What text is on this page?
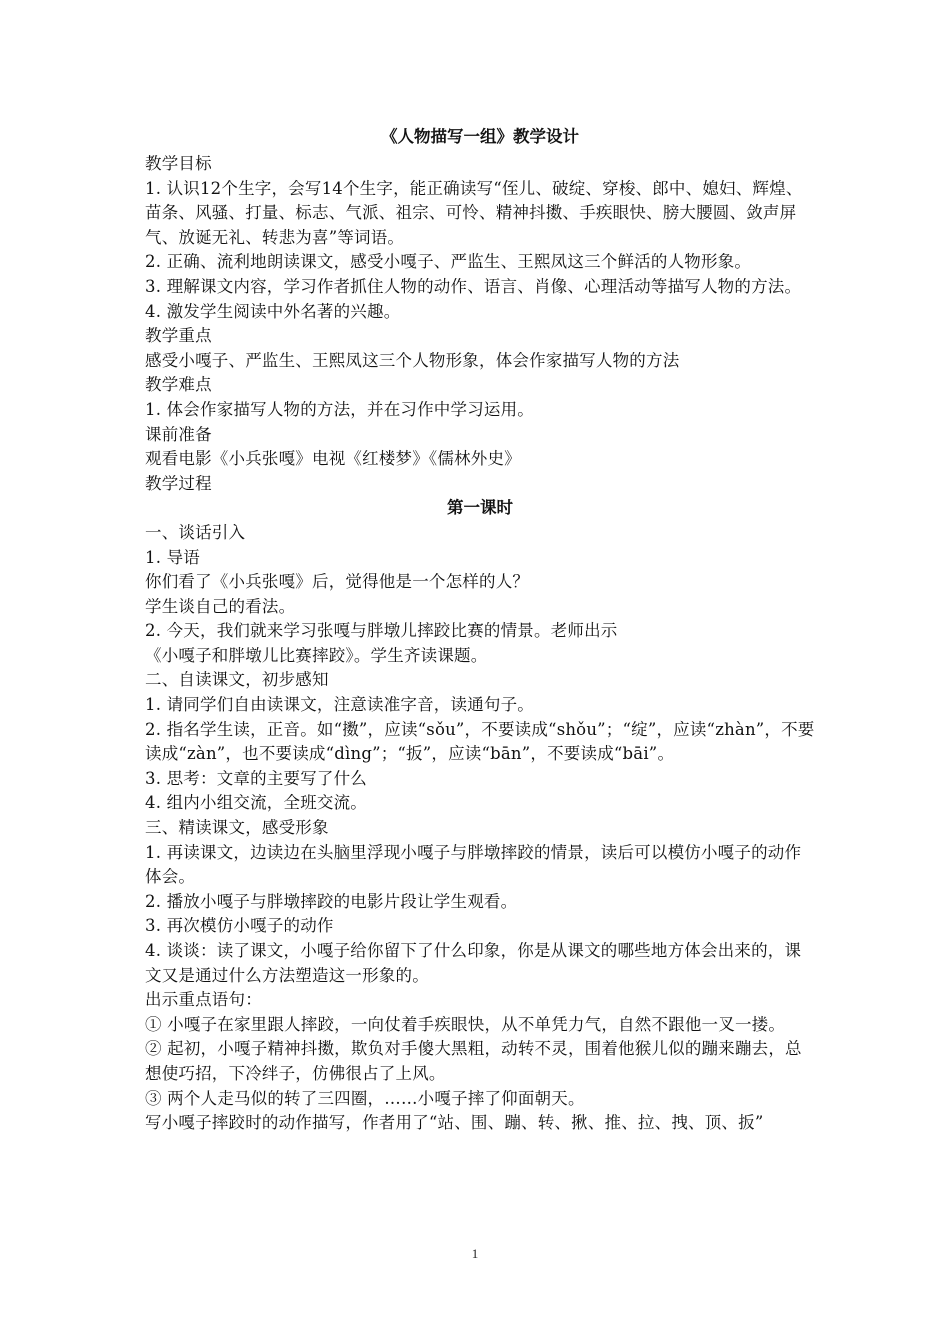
《人物描写一组》教学设计

教学目标

1. 认识12个生字，会写14个生字，能正确读写“侄儿、破绽、穿梭、郎中、媳妇、辉煌、苗条、风骚、打量、标志、气派、祖宗、可怜、精神抖擞、手疾眼快、膀大腰圆、敛声屏气、放诞无礼、转悲为喜”等词语。

2. 正确、流利地朗读课文，感受小嘎子、严监生、王熙凤这三个鲜活的人物形象。

3. 理解课文内容，学习作者抓住人物的动作、语言、肖像、心理活动等描写人物的方法。

4. 激发学生阅读中外名著的兴趣。

教学重点

感受小嘎子、严监生、王熙凤这三个人物形象，体会作家描写人物的方法

教学难点

1. 体会作家描写人物的方法，并在习作中学习运用。

课前准备

观看电影《小兵张嘎》电视《红楼梦》《儒林外史》

教学过程

第一课时

一、谈话引入

1. 导语

你们看了《小兵张嘎》后，觉得他是一个怎样的人？

学生谈自己的看法。

2. 今天，我们就来学习张嘎与胖墩儿摔跤比赛的情景。老师出示

《小嘎子和胖墩儿比赛摔跤》。学生齐读课题。

二、自读课文，初步感知

1. 请同学们自由读课文，注意读准字音，读通句子。

2. 指名学生读，正音。如“擞”，应读“sǒu”，不要读成“shǒu”；“绽”，应读“zhàn”，不要读成“zàn”，也不要读成“dìng”；“扳”，应读“bān”，不要读成“bāi”。

3. 思考：文章的主要写了什么

4. 组内小组交流，全班交流。

三、精读课文，感受形象

1. 再读课文，边读边在头脑里浮现小嘎子与胖墩摔跤的情景，读后可以模仿小嘎子的动作体会。

2. 播放小嘎子与胖墩摔跤的电影片段让学生观看。

3. 再次模仿小嘎子的动作

4. 谈谈：读了课文，小嘎子给你留下了什么印象，你是从课文的哪些地方体会出来的，课文又是通过什么方法塑造这一形象的。

出示重点语句：

① 小嘎子在家里跟人摔跤，一向仗着手疾眼快，从不单凭力气，自然不跟他一叉一搂。

② 起初，小嘎子精神抖擞，欺负对手傻大黑粗，动转不灵，围着他猴儿似的蹦来蹦去，总想使巧招，下冷绊子，仿佛很占了上风。

③ 两个人走马似的转了三四圈，……小嘎子摔了仰面朝天。

写小嘎子摔跤时的动作描写，作者用了“站、围、蹦、转、揪、推、拉、拽、顶、扳”

1
